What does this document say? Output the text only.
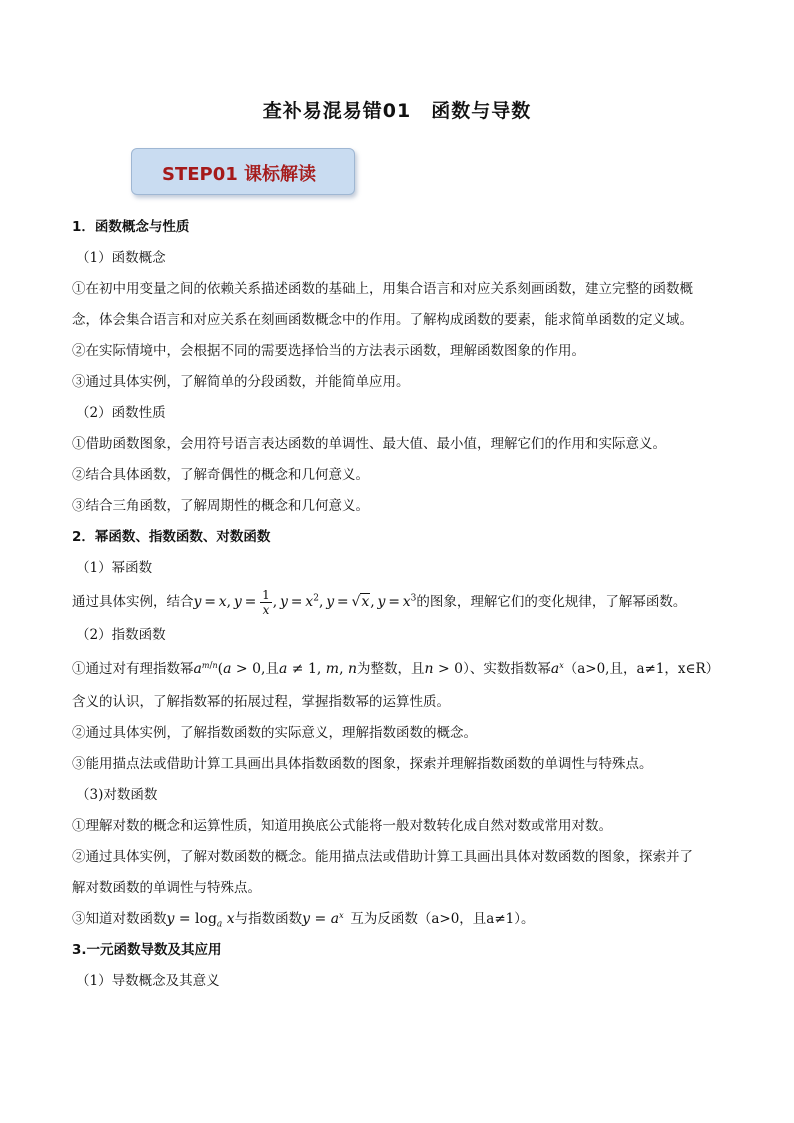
查补易混易错01　函数与导数
STEP01 课标解读
1．函数概念与性质
（1）函数概念
①在初中用变量之间的依赖关系描述函数的基础上，用集合语言和对应关系刻画函数，建立完整的函数概
念，体会集合语言和对应关系在刻画函数概念中的作用。了解构成函数的要素，能求简单函数的定义域。
②在实际情境中，会根据不同的需要选择恰当的方法表示函数，理解函数图象的作用。
③通过具体实例，了解简单的分段函数，并能简单应用。
（2）函数性质
①借助函数图象，会用符号语言表达函数的单调性、最大值、最小值，理解它们的作用和实际意义。
②结合具体函数，了解奇偶性的概念和几何意义。
③结合三角函数，了解周期性的概念和几何意义。
2．幂函数、指数函数、对数函数
（1）幂函数
通过具体实例，结合y = x, $y = \frac{1}{x}$ , $y = x^2$, y = √x, $y = x^3$的图象，理解它们的变化规律，了解幂函数。
（2）指数函数
①通过对有理指数幂$a^{m/n}(a > 0$,且a ≠ 1, m, n为整数，且n > 0）、实数指数幂$a^x(a>0$,且，a≠1，x∈R）
含义的认识，了解指数幂的拓展过程，掌握指数幂的运算性质。
②通过具体实例，了解指数函数的实际意义，理解指数函数的概念。
③能用描点法或借助计算工具画出具体指数函数的图象，探索并理解指数函数的单调性与特殊点。
（3)对数函数
①理解对数的概念和运算性质，知道用换底公式能将一般对数转化成自然对数或常用对数。
②通过具体实例，了解对数函数的概念。能用描点法或借助计算工具画出具体对数函数的图象，探索并了
解对数函数的单调性与特殊点。
③知道对数函数$y = \log_a x$与指数函数$y = a^x$  互为反函数（a>0，且a≠1）。
3.一元函数导数及其应用
（1）导数概念及其意义
